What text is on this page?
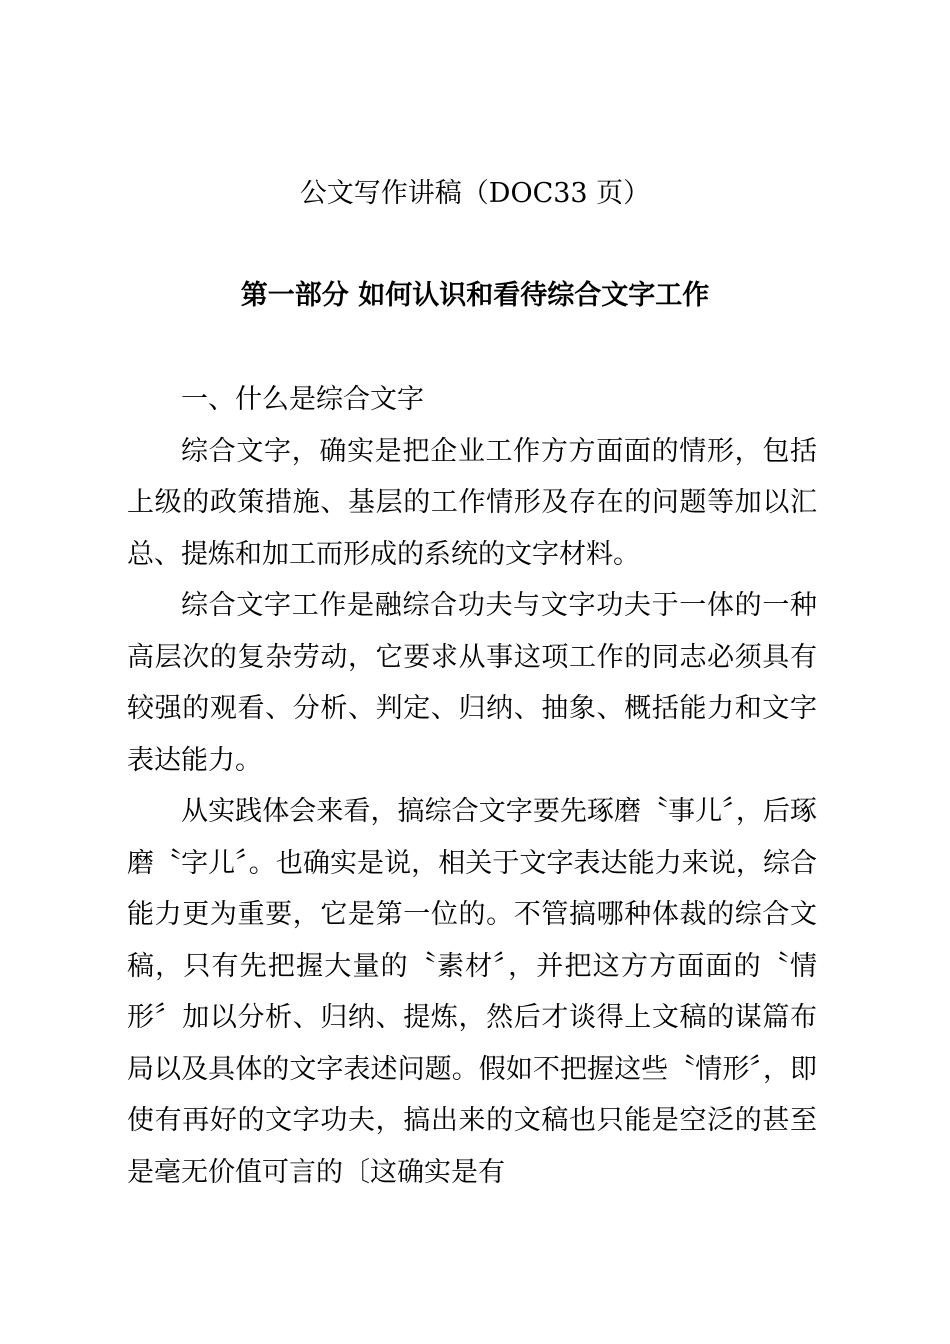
公文写作讲稿（DOC33 页）
第一部分 如何认识和看待综合文字工作

一、什么是综合文字

综合文字，确实是把企业工作方方面面的情形，包括上级的政策措施、基层的工作情形及存在的问题等加以汇总、提炼和加工而形成的系统的文字材料。

综合文字工作是融综合功夫与文字功夫于一体的一种高层次的复杂劳动，它要求从事这项工作的同志必须具有较强的观看、分析、判定、归纳、抽象、概括能力和文字表达能力。

从实践体会来看，搞综合文字要先琢磨〝事儿〞，后琢磨〝字儿〞。也确实是说，相关于文字表达能力来说，综合能力更为重要，它是第一位的。不管搞哪种体裁的综合文稿，只有先把握大量的〝素材〞，并把这方方面面的〝情形〞加以分析、归纳、提炼，然后才谈得上文稿的谋篇布局以及具体的文字表述问题。假如不把握这些〝情形〞，即使有再好的文字功夫，搞出来的文稿也只能是空泛的甚至是毫无价值可言的〔这确实是有
